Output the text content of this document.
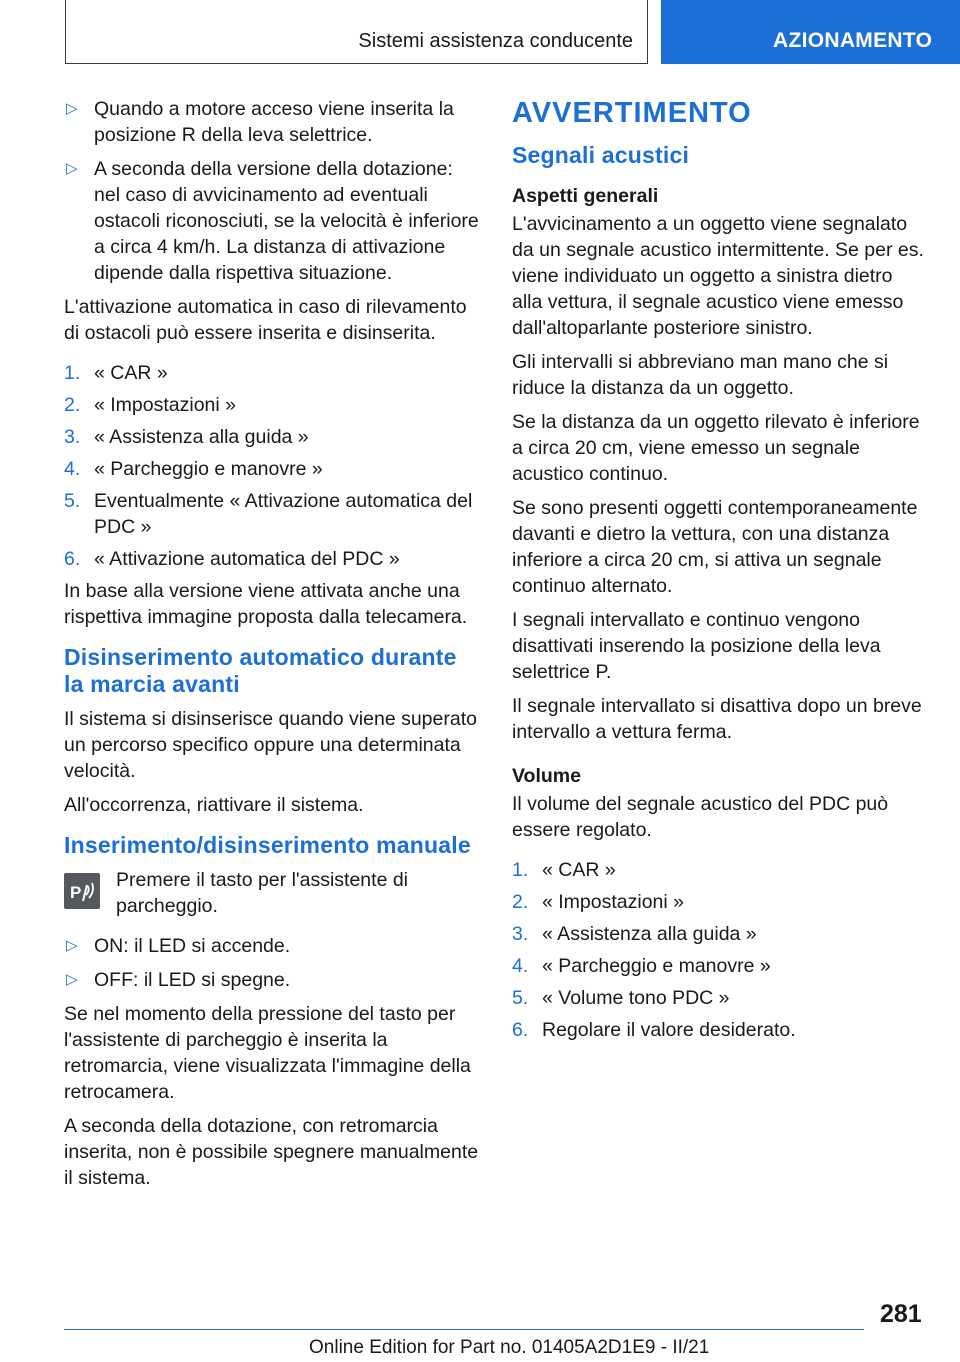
Sistemi assistenza conducente	AZIONAMENTO
▷ Quando a motore acceso viene inserita la posizione R della leva selettrice.
▷ A seconda della versione della dotazione: nel caso di avvicinamento ad eventuali ostacoli riconosciuti, se la velocità è inferiore a circa 4 km/h. La distanza di attivazione dipende dalla rispettiva situazione.

L'attivazione automatica in caso di rilevamento di ostacoli può essere inserita e disinserita.

1. « CAR »
2. « Impostazioni »
3. « Assistenza alla guida »
4. « Parcheggio e manovre »
5. Eventualmente « Attivazione automatica del PDC »
6. « Attivazione automatica del PDC »

In base alla versione viene attivata anche una rispettiva immagine proposta dalla telecamera.

Disinserimento automatico durante la marcia avanti

Il sistema si disinserisce quando viene superato un percorso specifico oppure una determinata velocità.

All'occorrenza, riattivare il sistema.

Inserimento/disinserimento manuale
P

Premere il tasto per l'assistente di parcheggio.

▷ ON: il LED si accende.
▷ OFF: il LED si spegne.

Se nel momento della pressione del tasto per l'assistente di parcheggio è inserita la retromarcia, viene visualizzata l'immagine della retrocamera.

A seconda della dotazione, con retromarcia inserita, non è possibile spegnere manualmente il sistema.

AVVERTIMENTO
Segnali acustici
Aspetti generali

L'avvicinamento a un oggetto viene segnalato da un segnale acustico intermittente. Se per es. viene individuato un oggetto a sinistra dietro alla vettura, il segnale acustico viene emesso dall'altoparlante posteriore sinistro.

Gli intervalli si abbreviano man mano che si riduce la distanza da un oggetto.

Se la distanza da un oggetto rilevato è inferiore a circa 20 cm, viene emesso un segnale acustico continuo.

Se sono presenti oggetti contemporaneamente davanti e dietro la vettura, con una distanza inferiore a circa 20 cm, si attiva un segnale continuo alternato.

I segnali intervallato e continuo vengono disattivati inserendo la posizione della leva selettrice P.

Il segnale intervallato si disattiva dopo un breve intervallo a vettura ferma.

Volume

Il volume del segnale acustico del PDC può essere regolato.

1. « CAR »
2. « Impostazioni »
3. « Assistenza alla guida »
4. « Parcheggio e manovre »
5. « Volume tono PDC »
6. Regolare il valore desiderato.
281
Online Edition for Part no. 01405A2D1E9 - II/21
